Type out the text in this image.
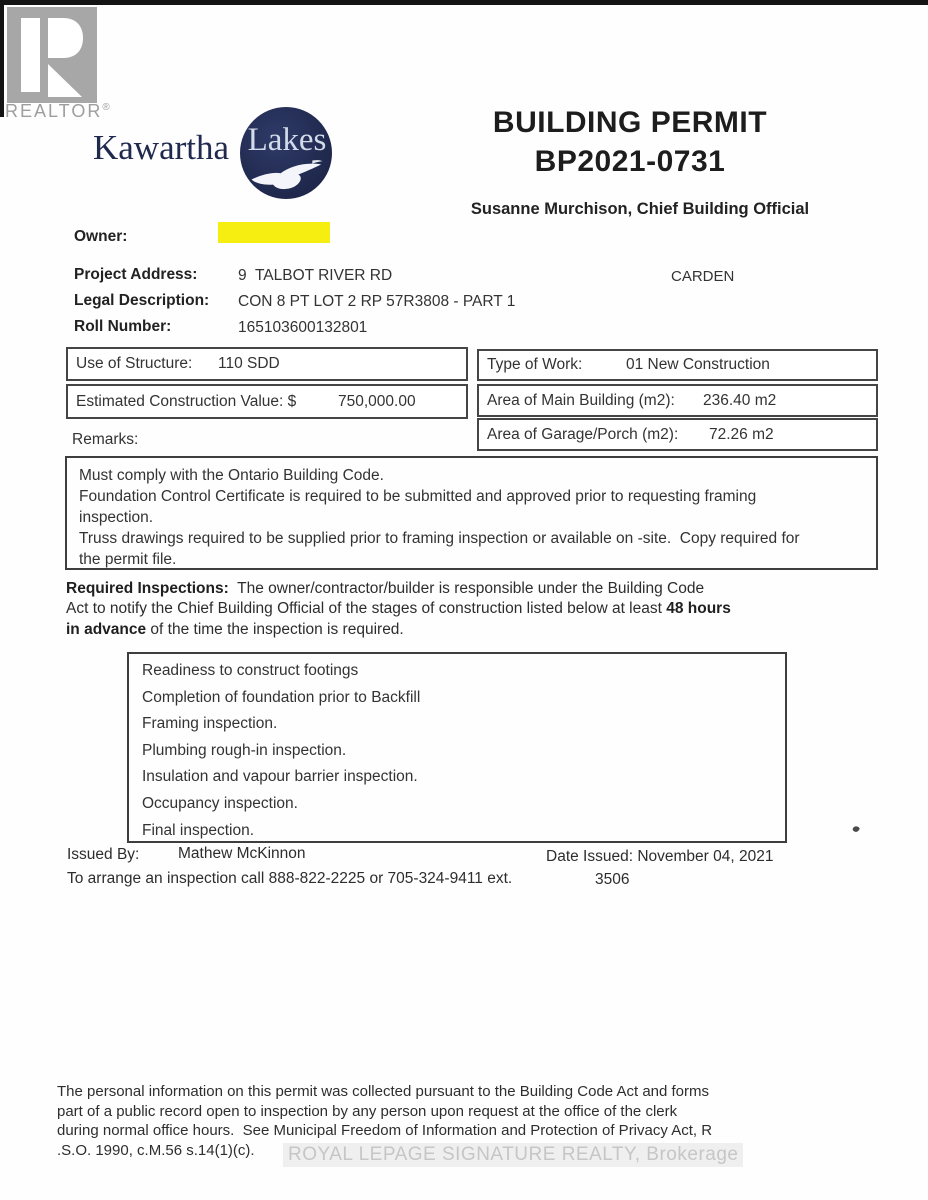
REALTOR®
Kawartha Lakes	BUILDING PERMIT
BP2021-0731
Susanne Murchison, Chief Building Official
Owner:
Project Address:	9  TALBOT RIVER RD	CARDEN
Legal Description: CON 8 PT LOT 2 RP 57R3808 - PART 1
Roll Number:	165103600132801
Use of Structure: 110 SDD
Estimated Construction Value: $	750,000.00
Type of Work:	01 New Construction
Area of Main Building (m2): 236.40 m2
Area of Garage/Porch (m2): 72.26 m2
Remarks:
Must comply with the Ontario Building Code.
Foundation Control Certificate is required to be submitted and approved prior to requesting framing
inspection.
Truss drawings required to be supplied prior to framing inspection or available on -site.  Copy required for
the permit file.
Required Inspections:  The owner/contractor/builder is responsible under the Building Code
Act to notify the Chief Building Official of the stages of construction listed below at least 48 hours
in advance of the time the inspection is required.
Readiness to construct footings
Completion of foundation prior to Backfill
Framing inspection.
Plumbing rough-in inspection.
Insulation and vapour barrier inspection.
Occupancy inspection.
Final inspection.
Issued By: Mathew McKinnon	Date Issued: November 04, 2021
To arrange an inspection call 888-822-2225 or 705-324-9411 ext.	3506
The personal information on this permit was collected pursuant to the Building Code Act and forms
part of a public record open to inspection by any person upon request at the office of the clerk
during normal office hours.  See Municipal Freedom of Information and Protection of Privacy Act, R
.S.O. 1990, c.M.56 s.14(1)(c).	ROYAL LEPAGE SIGNATURE REALTY, Brokerage
